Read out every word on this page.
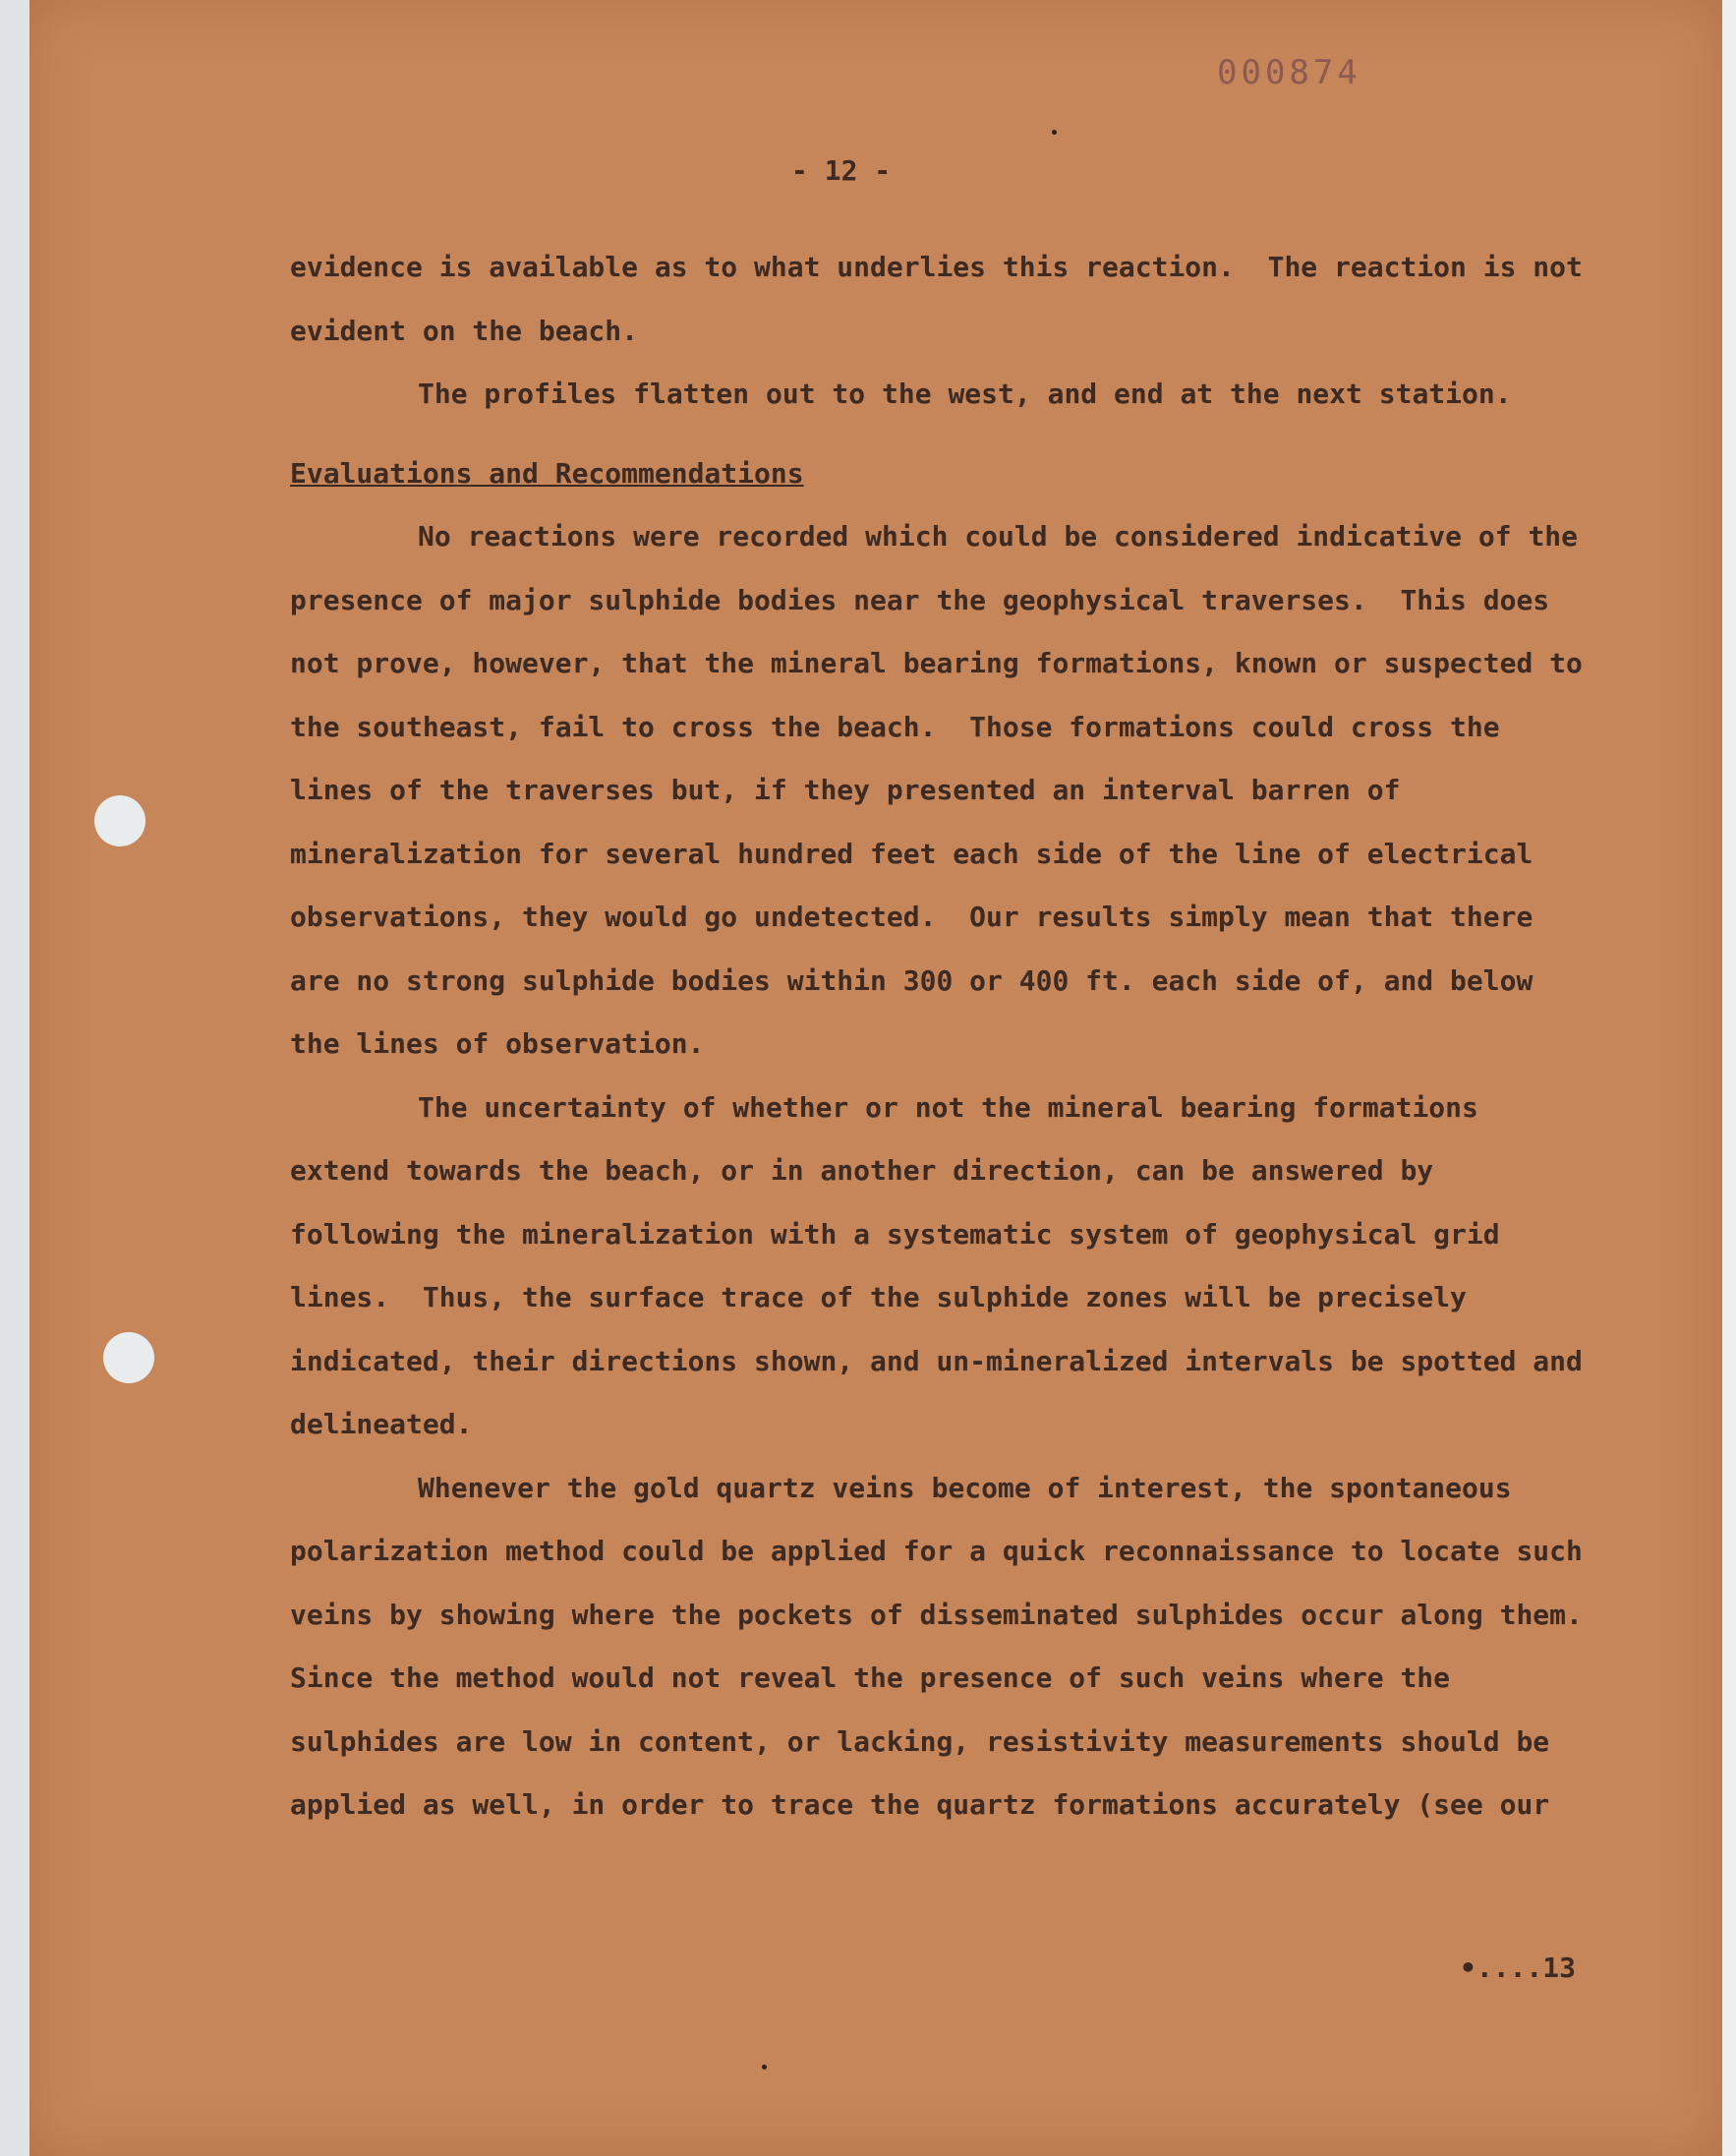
000874
- 12 -

evidence is available as to what underlies this reaction.  The reaction is not evident on the beach.

The profiles flatten out to the west, and end at the next station.

Evaluations and Recommendations

No reactions were recorded which could be considered indicative of the presence of major sulphide bodies near the geophysical traverses.  This does not prove, however, that the mineral bearing formations, known or suspected to the southeast, fail to cross the beach.  Those formations could cross the lines of the traverses but, if they presented an interval barren of mineralization for several hundred feet each side of the line of electrical observations, they would go undetected.  Our results simply mean that there are no strong sulphide bodies within 300 or 400 ft. each side of, and below the lines of observation.

The uncertainty of whether or not the mineral bearing formations extend towards the beach, or in another direction, can be answered by following the mineralization with a systematic system of geophysical grid lines.  Thus, the surface trace of the sulphide zones will be precisely indicated, their directions shown, and un-mineralized intervals be spotted and delineated.

Whenever the gold quartz veins become of interest, the spontaneous polarization method could be applied for a quick reconnaissance to locate such veins by showing where the pockets of disseminated sulphides occur along them.  Since the method would not reveal the presence of such veins where the sulphides are low in content, or lacking, resistivity measurements should be applied as well, in order to trace the quartz formations accurately (see our

•....13
